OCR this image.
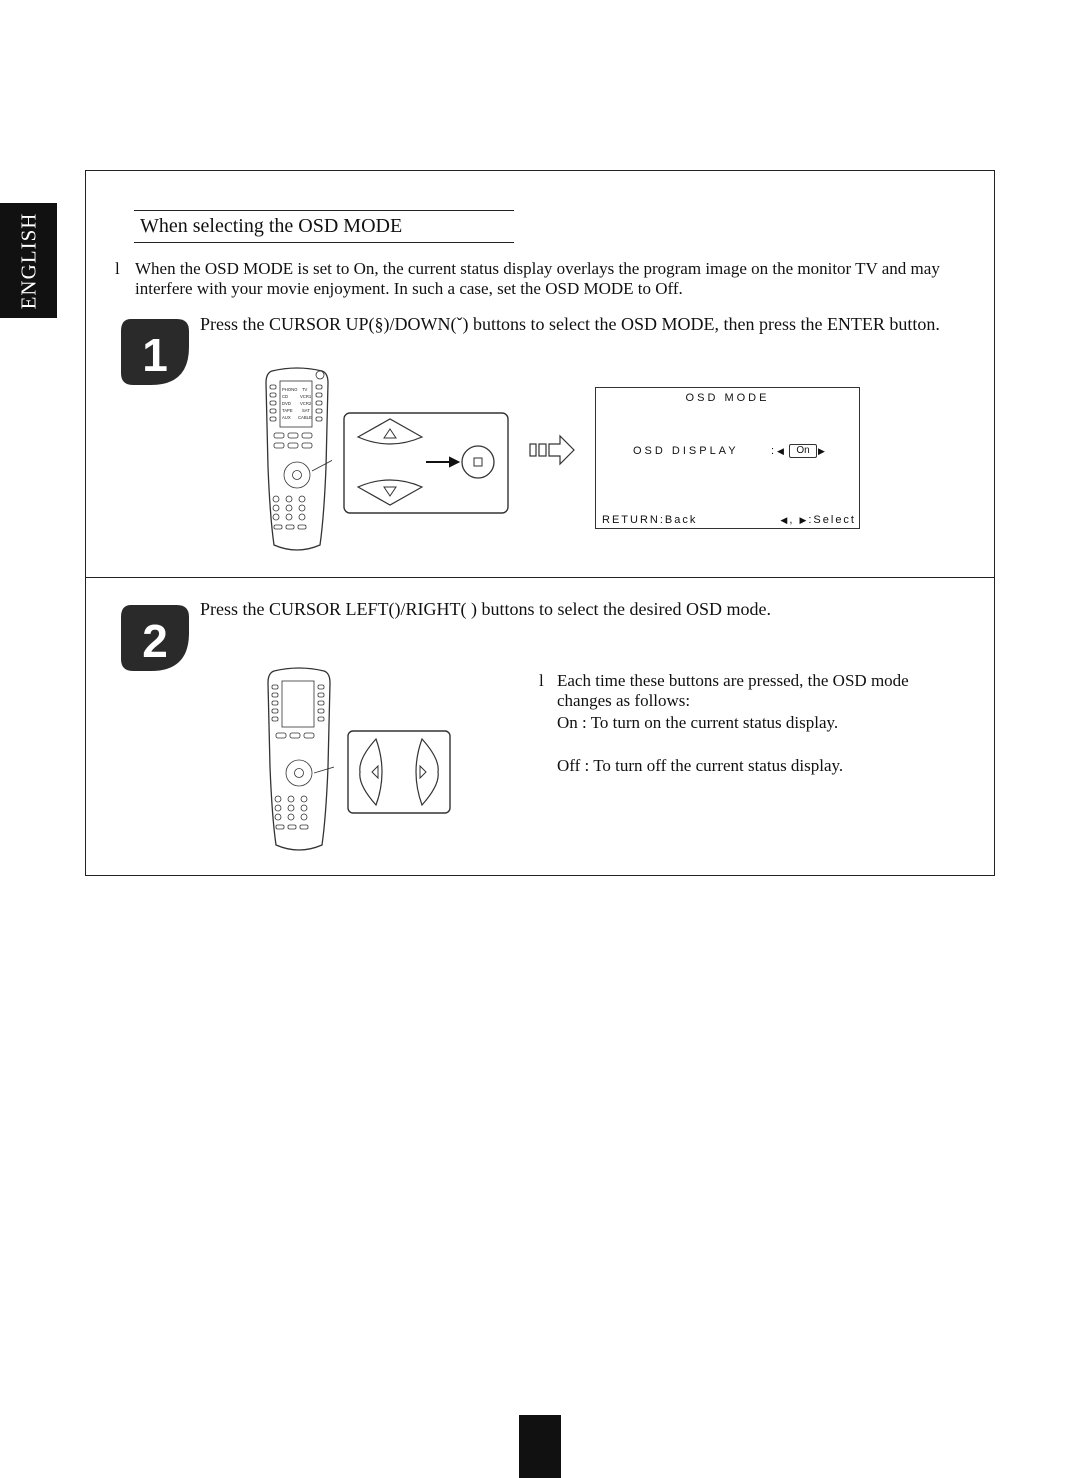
ENGLISH	When selecting the OSD MODE
l When the OSD MODE is set to On, the current status display overlays the program image on the monitor TV and may
interfere with your movie enjoyment. In such a case, set the OSD MODE to Off.
1
Press the CURSOR UP(§)/DOWN(ˇ) buttons to select the OSD MODE, then press the ENTER button.
PHONO TV
CD	VCR1
DVD VCR2
TAPE SAT
AUX CABLE
OSD MODE
OSD DISPLAY	: ◀	On ▶
RETURN:Back	◀, ▶:Select
2
Press the CURSOR LEFT()/RIGHT( ) buttons to select the desired OSD mode.
l Each time these buttons are pressed, the OSD mode
changes as follows:
On : To turn on the current status display.
Off : To turn off the current status display.
